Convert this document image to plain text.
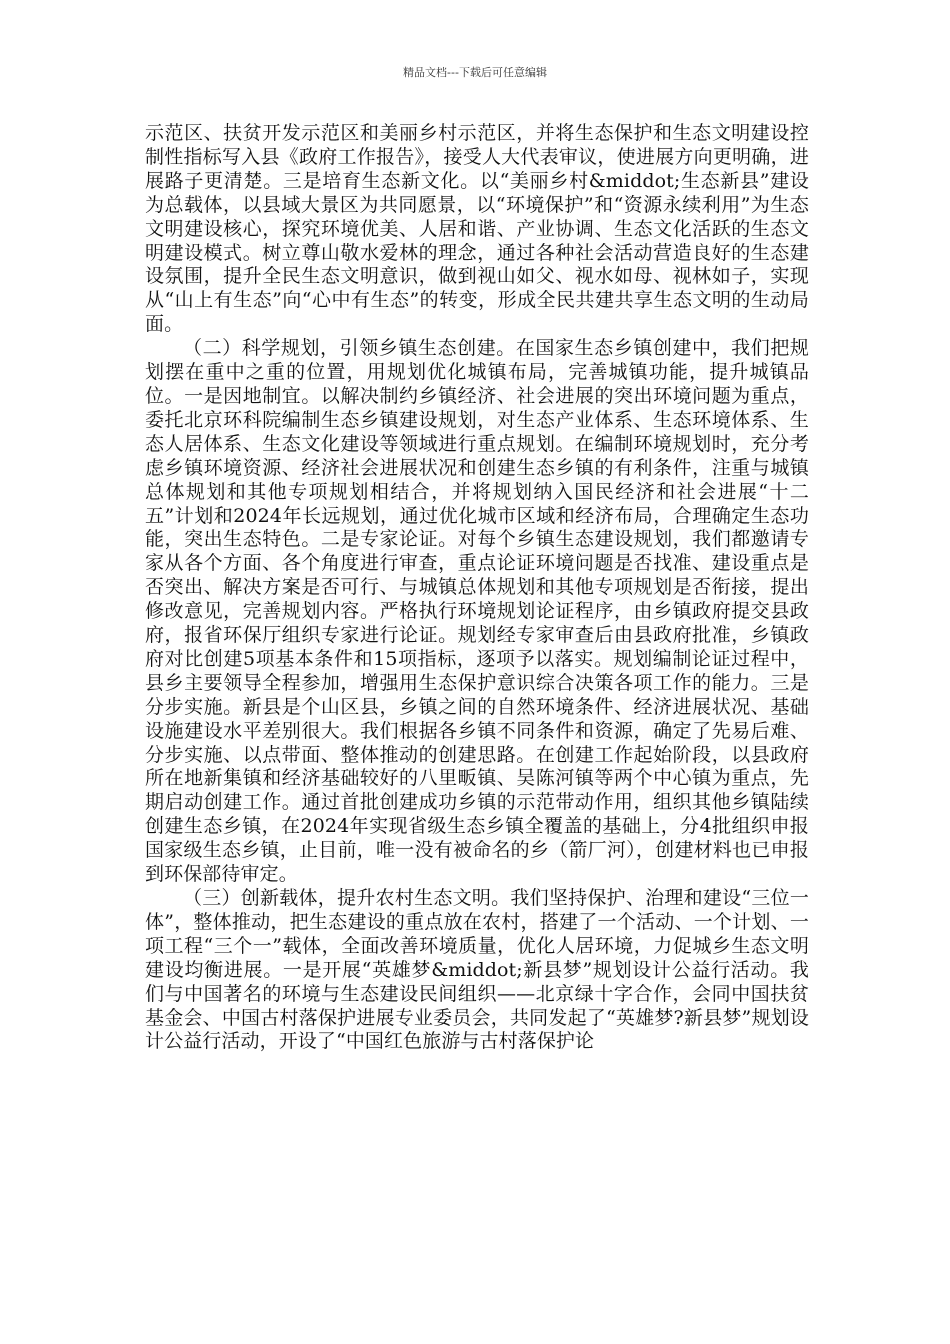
精品文档---下载后可任意编辑

示范区、扶贫开发示范区和美丽乡村示范区，并将生态保护和生态文明建设控制性指标写入县《政府工作报告》，接受人大代表审议，使进展方向更明确，进展路子更清楚。三是培育生态新文化。以“美丽乡村&middot;生态新县”建设为总载体，以县域大景区为共同愿景，以“环境保护”和“资源永续利用”为生态文明建设核心，探究环境优美、人居和谐、产业协调、生态文化活跃的生态文明建设模式。树立尊山敬水爱林的理念，通过各种社会活动营造良好的生态建设氛围，提升全民生态文明意识，做到视山如父、视水如母、视林如子，实现从“山上有生态”向“心中有生态”的转变，形成全民共建共享生态文明的生动局面。

（二）科学规划，引领乡镇生态创建。在国家生态乡镇创建中，我们把规划摆在重中之重的位置，用规划优化城镇布局，完善城镇功能，提升城镇品位。一是因地制宜。以解决制约乡镇经济、社会进展的突出环境问题为重点，委托北京环科院编制生态乡镇建设规划，对生态产业体系、生态环境体系、生态人居体系、生态文化建设等领域进行重点规划。在编制环境规划时，充分考虑乡镇环境资源、经济社会进展状况和创建生态乡镇的有利条件，注重与城镇总体规划和其他专项规划相结合，并将规划纳入国民经济和社会进展“十二五”计划和2024年长远规划，通过优化城市区域和经济布局，合理确定生态功能，突出生态特色。二是专家论证。对每个乡镇生态建设规划，我们都邀请专家从各个方面、各个角度进行审查，重点论证环境问题是否找准、建设重点是否突出、解决方案是否可行、与城镇总体规划和其他专项规划是否衔接，提出修改意见，完善规划内容。严格执行环境规划论证程序，由乡镇政府提交县政府，报省环保厅组织专家进行论证。规划经专家审查后由县政府批准，乡镇政府对比创建5项基本条件和15项指标，逐项予以落实。规划编制论证过程中，县乡主要领导全程参加，增强用生态保护意识综合决策各项工作的能力。三是分步实施。新县是个山区县，乡镇之间的自然环境条件、经济进展状况、基础设施建设水平差别很大。我们根据各乡镇不同条件和资源，确定了先易后难、分步实施、以点带面、整体推动的创建思路。在创建工作起始阶段，以县政府所在地新集镇和经济基础较好的八里畈镇、吴陈河镇等两个中心镇为重点，先期启动创建工作。通过首批创建成功乡镇的示范带动作用，组织其他乡镇陆续创建生态乡镇，在2024年实现省级生态乡镇全覆盖的基础上，分4批组织申报国家级生态乡镇，止目前，唯一没有被命名的乡（箭厂河），创建材料也已申报到环保部待审定。

（三）创新载体，提升农村生态文明。我们坚持保护、治理和建设“三位一体”，整体推动，把生态建设的重点放在农村，搭建了一个活动、一个计划、一项工程“三个一”载体，全面改善环境质量，优化人居环境，力促城乡生态文明建设均衡进展。一是开展“英雄梦&middot;新县梦”规划设计公益行活动。我们与中国著名的环境与生态建设民间组织——北京绿十字合作，会同中国扶贫基金会、中国古村落保护进展专业委员会，共同发起了“英雄梦?新县梦”规划设计公益行活动，开设了“中国红色旅游与古村落保护论
